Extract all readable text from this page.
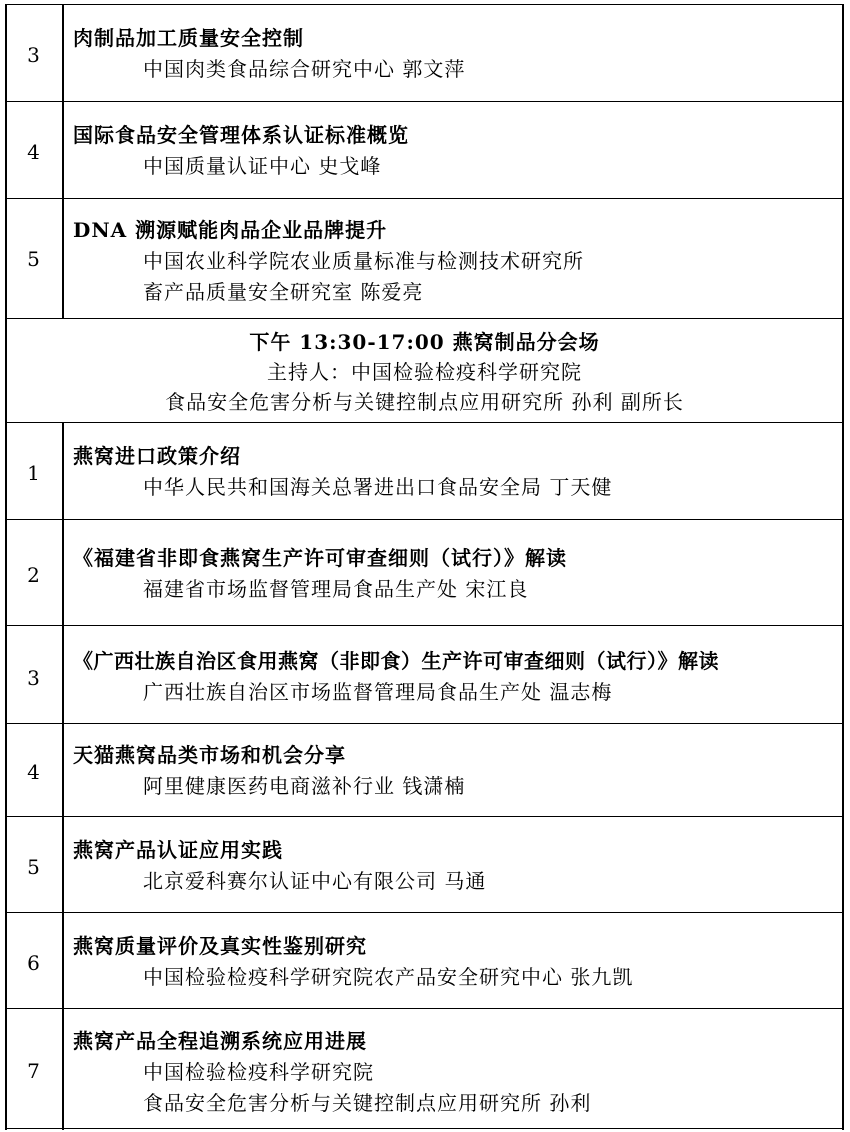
3
肉制品加工质量安全控制
中国肉类食品综合研究中心 郭文萍
4
国际食品安全管理体系认证标准概览
中国质量认证中心 史戈峰
5
DNA 溯源赋能肉品企业品牌提升
中国农业科学院农业质量标准与检测技术研究所
畜产品质量安全研究室 陈爱亮
下午 13:30-17:00 燕窝制品分会场
主持人：中国检验检疫科学研究院
食品安全危害分析与关键控制点应用研究所 孙利 副所长
1
燕窝进口政策介绍
中华人民共和国海关总署进出口食品安全局 丁天健
2
《福建省非即食燕窝生产许可审查细则（试行）》解读
福建省市场监督管理局食品生产处 宋江良
3
《广西壮族自治区食用燕窝（非即食）生产许可审查细则（试行）》解读
广西壮族自治区市场监督管理局食品生产处 温志梅
4
天猫燕窝品类市场和机会分享
阿里健康医药电商滋补行业 钱潇楠
5
燕窝产品认证应用实践
北京爱科赛尔认证中心有限公司 马通
6
燕窝质量评价及真实性鉴别研究
中国检验检疫科学研究院农产品安全研究中心 张九凯
7
燕窝产品全程追溯系统应用进展
中国检验检疫科学研究院
食品安全危害分析与关键控制点应用研究所 孙利
